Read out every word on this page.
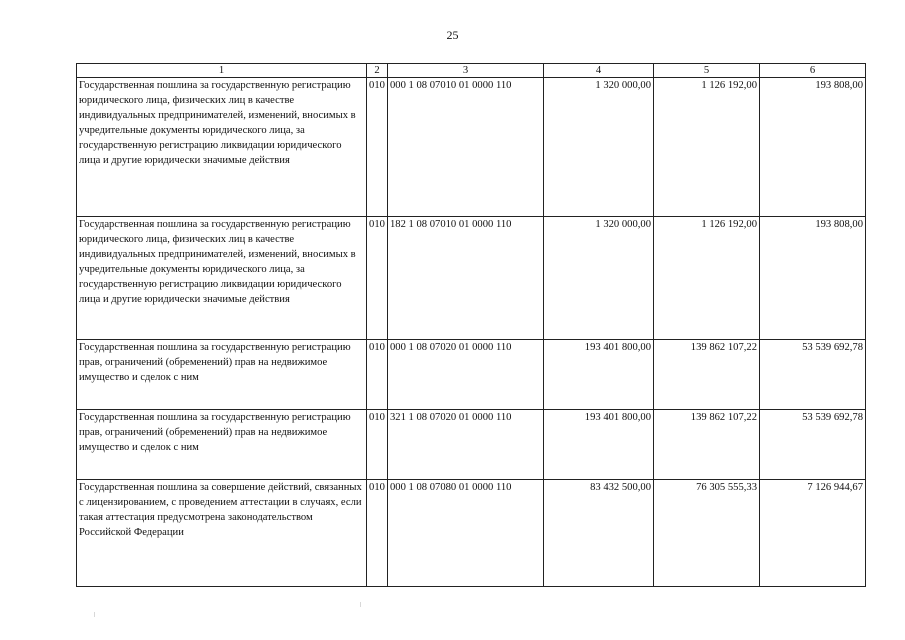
25
1	2	3	4	5	6
Государственная пошлина за государственную регистрацию юридического лица, физических лиц в качестве индивидуальных предпринимателей, изменений, вносимых в учредительные документы юридического лица, за государственную регистрацию ликвидации юридического лица и другие юридически значимые действия	010	000 1 08 07010 01 0000 110	1 320 000,00	1 126 192,00	193 808,00
Государственная пошлина за государственную регистрацию юридического лица, физических лиц в качестве индивидуальных предпринимателей, изменений, вносимых в учредительные документы юридического лица, за государственную регистрацию ликвидации юридического лица и другие юридически значимые действия	010	182 1 08 07010 01 0000 110	1 320 000,00	1 126 192,00	193 808,00
Государственная пошлина за государственную регистрацию прав, ограничений (обременений) прав на недвижимое имущество и сделок с ним	010	000 1 08 07020 01 0000 110	193 401 800,00	139 862 107,22	53 539 692,78
Государственная пошлина за государственную регистрацию прав, ограничений (обременений) прав на недвижимое имущество и сделок с ним	010	321 1 08 07020 01 0000 110	193 401 800,00	139 862 107,22	53 539 692,78
Государственная пошлина за совершение действий, связанных с лицензированием, с проведением аттестации в случаях, если такая аттестация предусмотрена законодательством Российской Федерации	010	000 1 08 07080 01 0000 110	83 432 500,00	76 305 555,33	7 126 944,67
